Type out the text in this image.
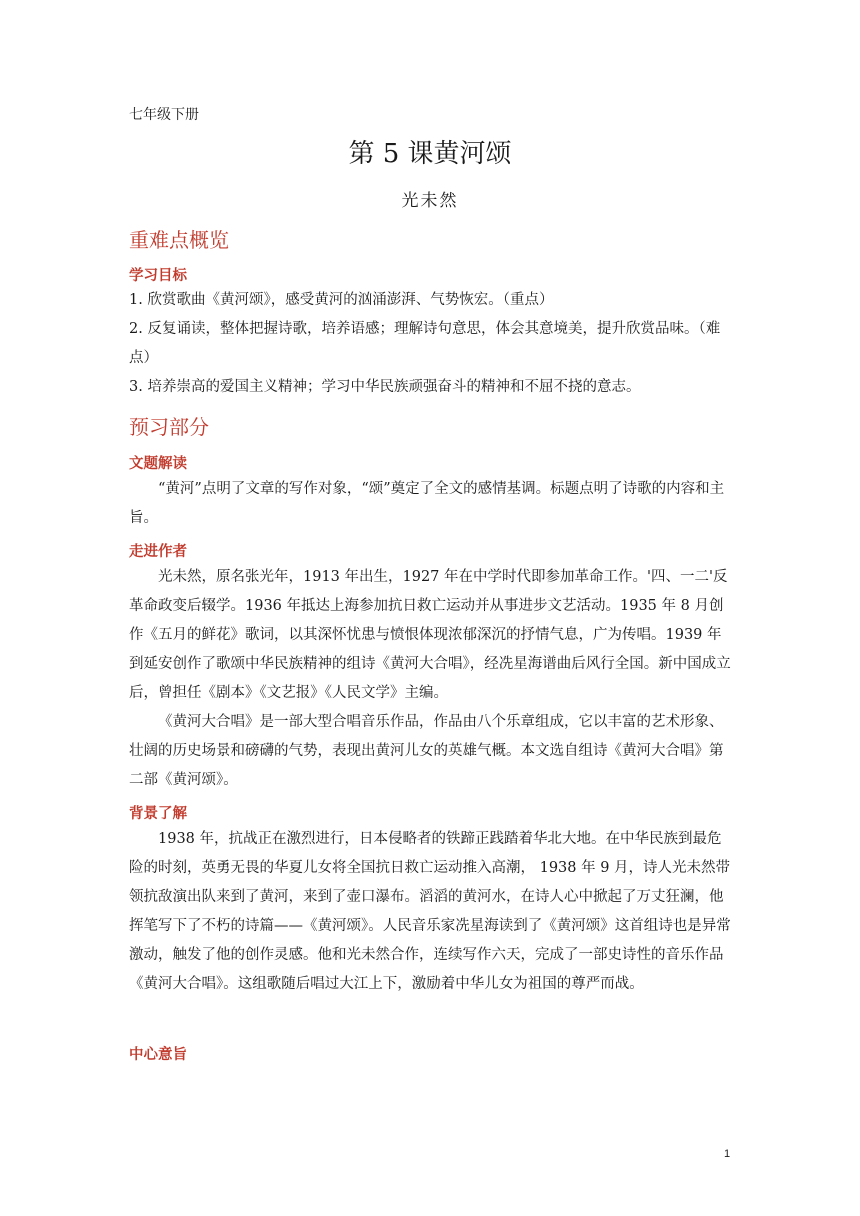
七年级下册
第 5 课黄河颂
光未然
重难点概览
学习目标

1. 欣赏歌曲《黄河颂》，感受黄河的汹涌澎湃、气势恢宏。（重点）

2. 反复诵读，整体把握诗歌，培养语感；理解诗句意思，体会其意境美，提升欣赏品味。（难点）

3. 培养崇高的爱国主义精神；学习中华民族顽强奋斗的精神和不屈不挠的意志。

预习部分
文题解读

“黄河”点明了文章的写作对象，“颂”奠定了全文的感情基调。标题点明了诗歌的内容和主旨。

走进作者

光未然，原名张光年，1913 年出生，1927 年在中学时代即参加革命工作。'四、一二'反革命政变后辍学。1936 年抵达上海参加抗日救亡运动并从事进步文艺活动。1935 年 8 月创作《五月的鲜花》歌词，以其深怀忧患与愤恨体现浓郁深沉的抒情气息，广为传唱。1939 年到延安创作了歌颂中华民族精神的组诗《黄河大合唱》，经冼星海谱曲后风行全国。新中国成立后，曾担任《剧本》《文艺报》《人民文学》主编。

《黄河大合唱》是一部大型合唱音乐作品，作品由八个乐章组成，它以丰富的艺术形象、壮阔的历史场景和磅礴的气势，表现出黄河儿女的英雄气概。本文选自组诗《黄河大合唱》第二部《黄河颂》。

背景了解

1938 年，抗战正在激烈进行，日本侵略者的铁蹄正践踏着华北大地。在中华民族到最危险的时刻，英勇无畏的华夏儿女将全国抗日救亡运动推入高潮， 1938 年 9 月，诗人光未然带领抗敌演出队来到了黄河，来到了壶口瀑布。滔滔的黄河水，在诗人心中掀起了万丈狂澜，他挥笔写下了不朽的诗篇——《黄河颂》。人民音乐家冼星海读到了《黄河颂》这首组诗也是异常激动，触发了他的创作灵感。他和光未然合作，连续写作六天，完成了一部史诗性的音乐作品《黄河大合唱》。这组歌随后唱过大江上下，激励着中华儿女为祖国的尊严而战。

中心意旨
1
